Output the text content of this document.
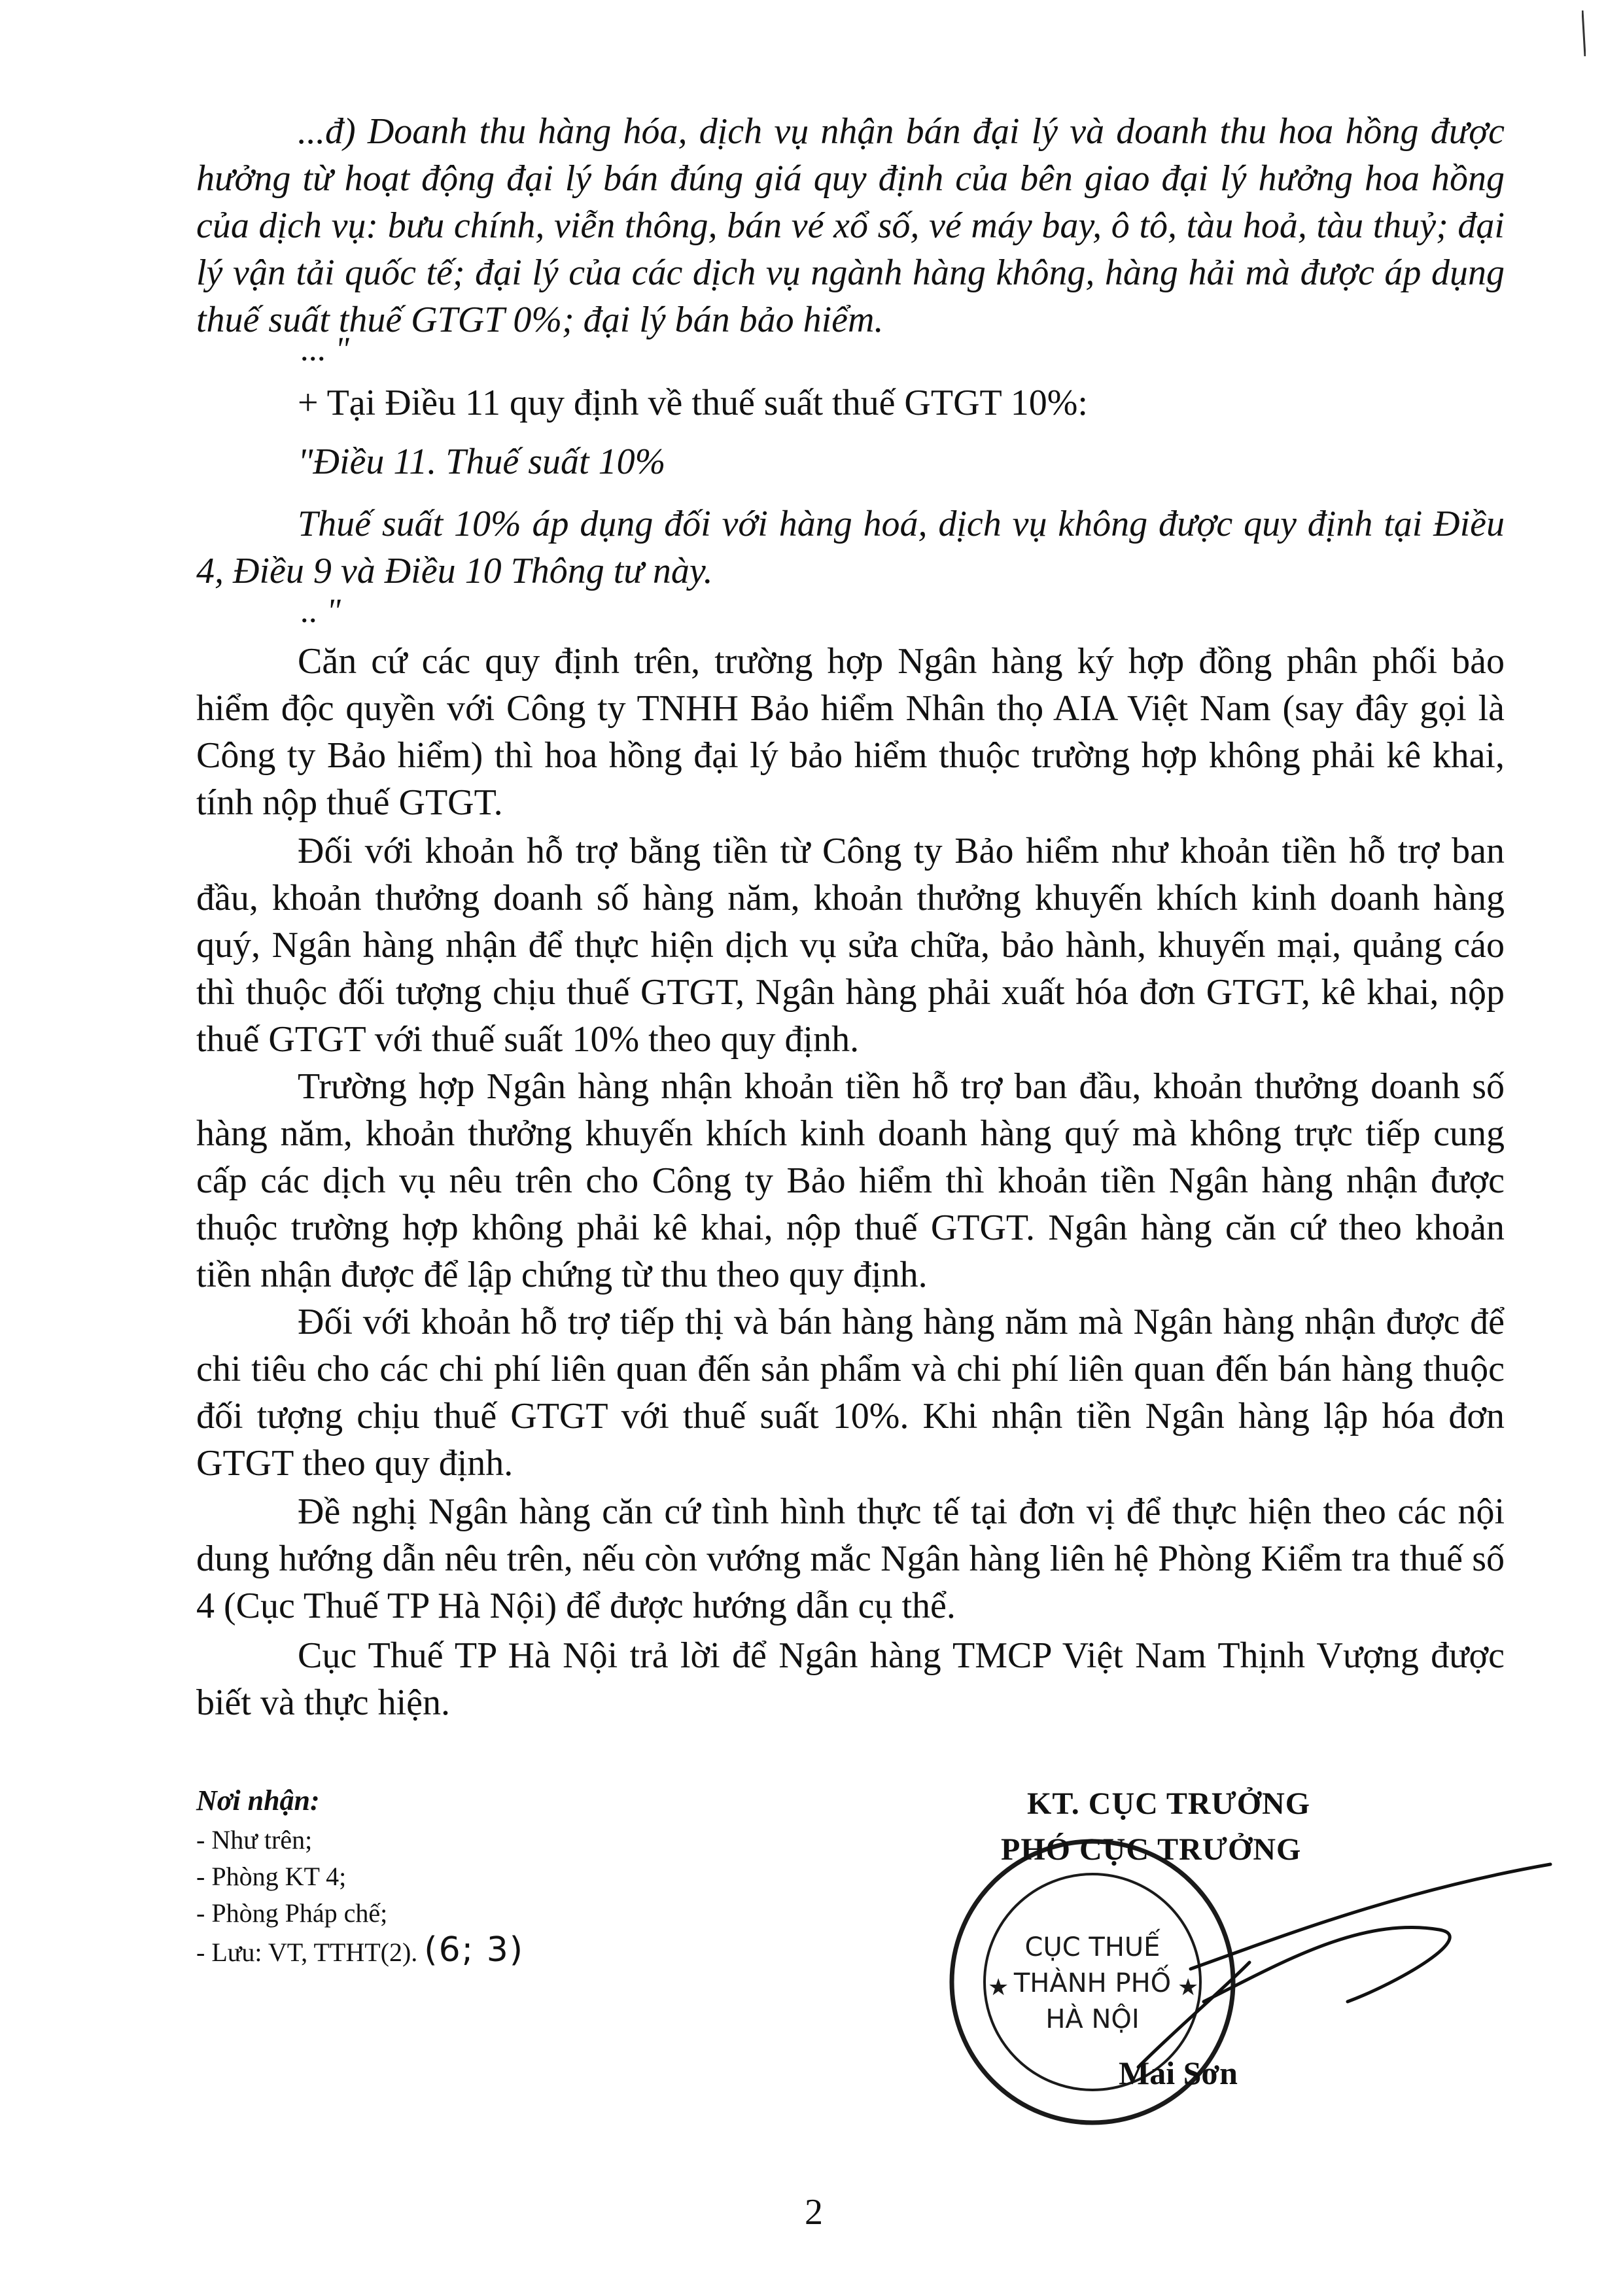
...đ) Doanh thu hàng hóa, dịch vụ nhận bán đại lý và doanh thu hoa hồng được hưởng từ hoạt động đại lý bán đúng giá quy định của bên giao đại lý hưởng hoa hồng của dịch vụ: bưu chính, viễn thông, bán vé xổ số, vé máy bay, ô tô, tàu hoả, tàu thuỷ; đại lý vận tải quốc tế; đại lý của các dịch vụ ngành hàng không, hàng hải mà được áp dụng thuế suất thuế GTGT 0%; đại lý bán bảo hiểm.

... "

+ Tại Điều 11 quy định về thuế suất thuế GTGT 10%:

"Điều 11. Thuế suất 10%

Thuế suất 10% áp dụng đối với hàng hoá, dịch vụ không được quy định tại Điều 4, Điều 9 và Điều 10 Thông tư này.

.. "

Căn cứ các quy định trên, trường hợp Ngân hàng ký hợp đồng phân phối bảo hiểm độc quyền với Công ty TNHH Bảo hiểm Nhân thọ AIA Việt Nam (say đây gọi là Công ty Bảo hiểm) thì hoa hồng đại lý bảo hiểm thuộc trường hợp không phải kê khai, tính nộp thuế GTGT.

Đối với khoản hỗ trợ bằng tiền từ Công ty Bảo hiểm như khoản tiền hỗ trợ ban đầu, khoản thưởng doanh số hàng năm, khoản thưởng khuyến khích kinh doanh hàng quý, Ngân hàng nhận để thực hiện dịch vụ sửa chữa, bảo hành, khuyến mại, quảng cáo thì thuộc đối tượng chịu thuế GTGT, Ngân hàng phải xuất hóa đơn GTGT, kê khai, nộp thuế GTGT với thuế suất 10% theo quy định.

Trường hợp Ngân hàng nhận khoản tiền hỗ trợ ban đầu, khoản thưởng doanh số hàng năm, khoản thưởng khuyến khích kinh doanh hàng quý mà không trực tiếp cung cấp các dịch vụ nêu trên cho Công ty Bảo hiểm thì khoản tiền Ngân hàng nhận được thuộc trường hợp không phải kê khai, nộp thuế GTGT. Ngân hàng căn cứ theo khoản tiền nhận được để lập chứng từ thu theo quy định.

Đối với khoản hỗ trợ tiếp thị và bán hàng hàng năm mà Ngân hàng nhận được để chi tiêu cho các chi phí liên quan đến sản phẩm và chi phí liên quan đến bán hàng thuộc đối tượng chịu thuế GTGT với thuế suất 10%. Khi nhận tiền Ngân hàng lập hóa đơn GTGT theo quy định.

Đề nghị Ngân hàng căn cứ tình hình thực tế tại đơn vị để thực hiện theo các nội dung hướng dẫn nêu trên, nếu còn vướng mắc Ngân hàng liên hệ Phòng Kiểm tra thuế số 4 (Cục Thuế TP Hà Nội) để được hướng dẫn cụ thể.

Cục Thuế TP Hà Nội trả lời để Ngân hàng TMCP Việt Nam Thịnh Vượng được biết và thực hiện.

Nơi nhận:
- Như trên;
- Phòng KT 4;
- Phòng Pháp chế;
- Lưu: VT, TTHT(2). (6; 3)	CỤC THUẾ
THÀNH PHỐ
HÀ NỘI
★	★
KT. CỤC TRƯỞNG
PHÓ CỤC TRƯỞNG
Mai Sơn
2
